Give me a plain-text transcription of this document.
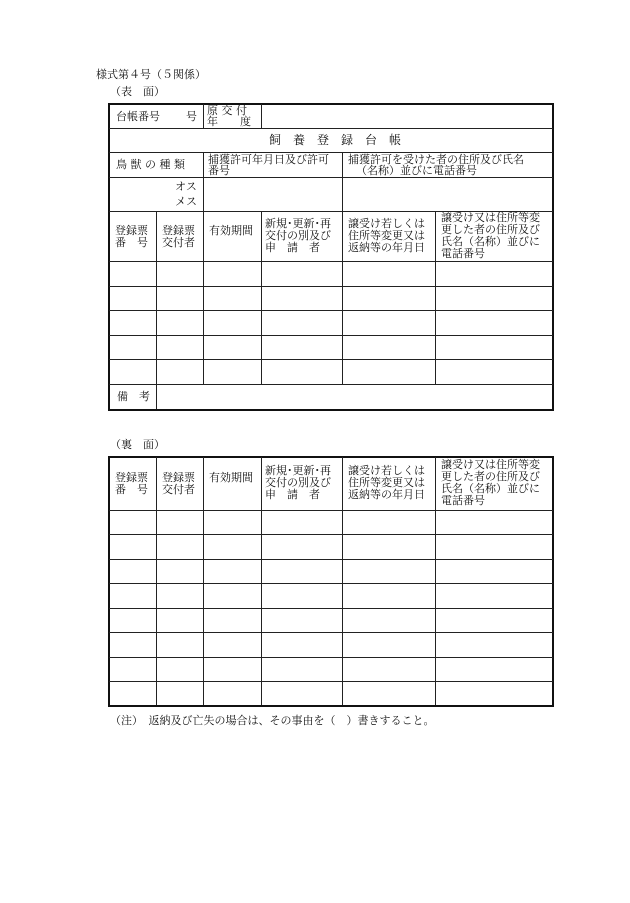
様式第４号（５関係）
（表　面）
台帳番号 号 原 交 付
年　　度
飼　養　登　録　台　帳
鳥 獣 の 種 類 捕獲許可年月日及び許可
番号
捕獲許可を受けた者の住所及び氏名
（名称）並びに電話番号
オス
メス
登録票
番　号
登録票
交付者
有効期間
新規･更新･再
交付の別及び
申　請　者
譲受け若しくは
住所等変更又は
返納等の年月日
譲受け又は住所等変
更した者の住所及び
氏名（名称）並びに
電話番号
備　考
（裏　面）
登録票
番　号
登録票
交付者
有効期間
新規･更新･再
交付の別及び
申　請　者
譲受け若しくは
住所等変更又は
返納等の年月日
譲受け又は住所等変
更した者の住所及び
氏名（名称）並びに
電話番号
（注）　返納及び亡失の場合は、その事由を（　）書きすること。
